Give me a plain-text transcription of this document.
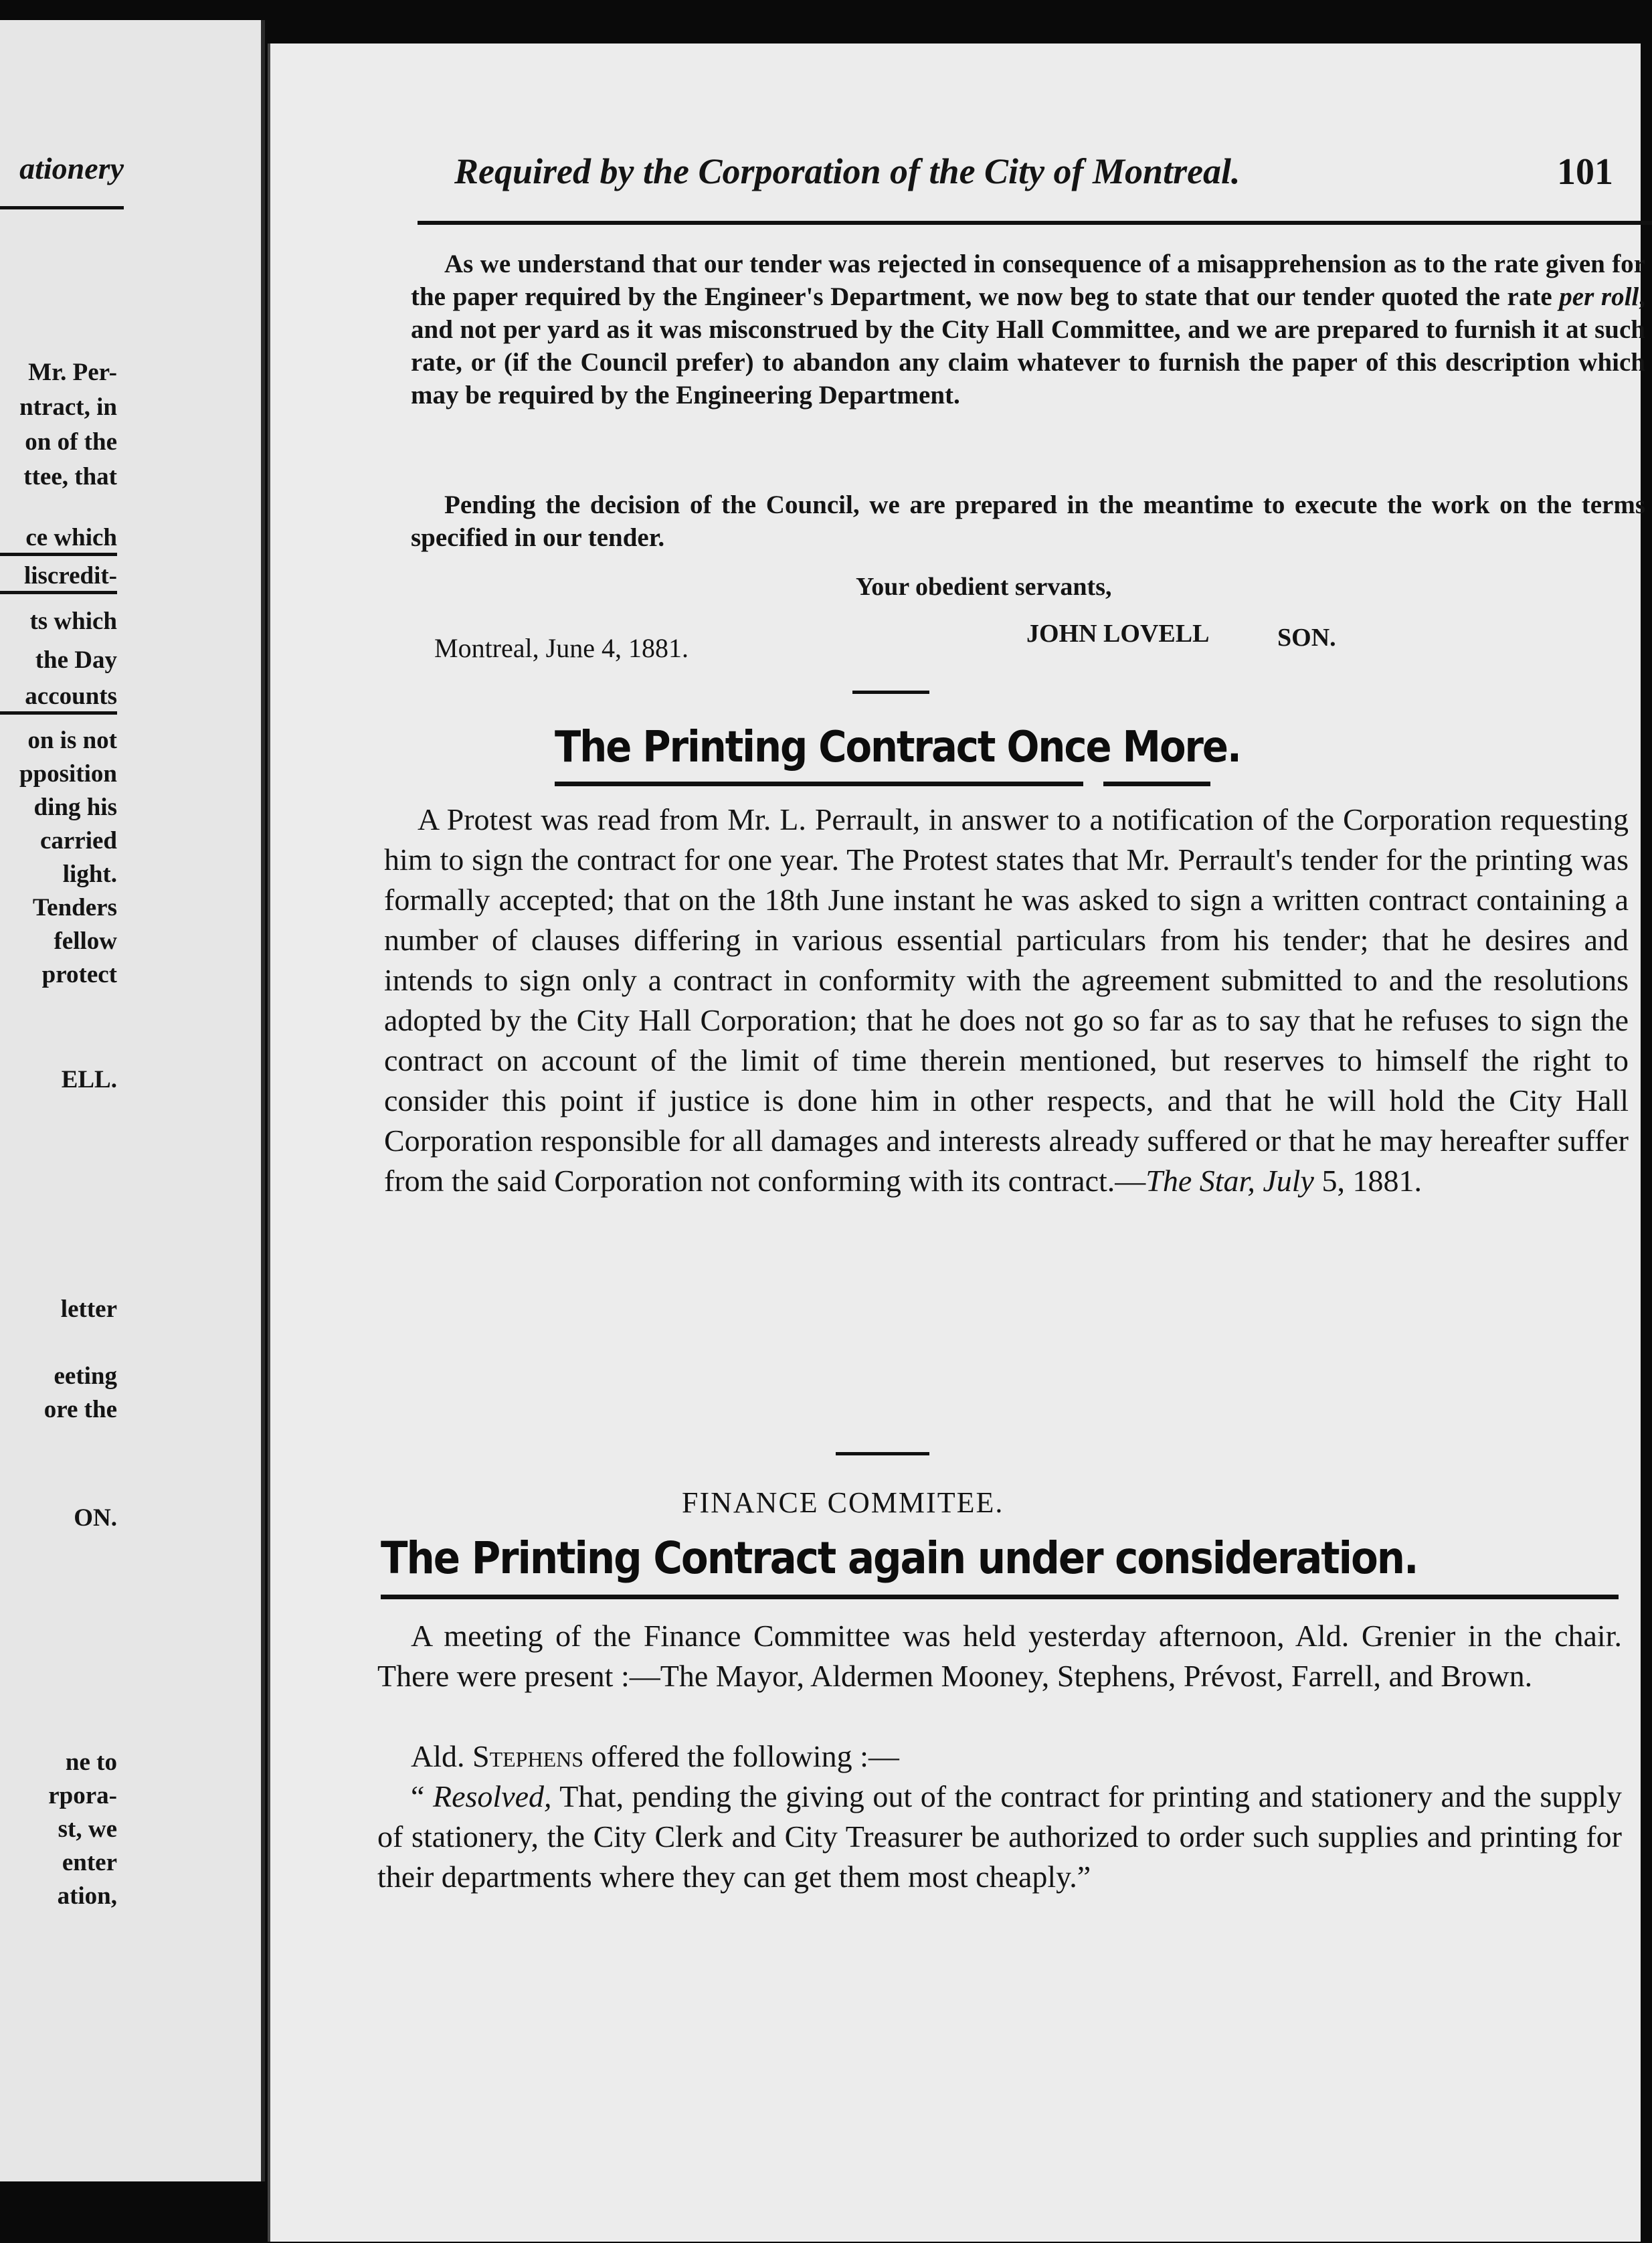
ationery
Mr. Per-
ntract, in
on of the
ttee, that
ce which
liscredit-
ts which
the Day
accounts
on is not
pposition
ding his
carried
light.
Tenders
fellow
protect
ELL.
letter
eeting
ore the
ON.
ne to
rpora-
st, we
enter
ation,
Required by the Corporation of the City of Montreal.	101
As we understand that our tender was rejected in consequence of a misapprehension as to the rate given for the paper required by the Engineer's Department, we now beg to state that our tender quoted the rate per roll, and not per yard as it was misconstrued by the City Hall Committee, and we are prepared to furnish it at such rate, or (if the Council prefer) to abandon any claim whatever to furnish the paper of this description which may be required by the Engineering Department.
Pending the decision of the Council, we are prepared in the meantime to execute the work on the terms specified in our tender.
Your obedient servants,
JOHN LOVELL	SON.
Montreal, June 4, 1881.
The Printing Contract Once More.
A Protest was read from Mr. L. Perrault, in answer to a notification of the Corporation requesting him to sign the contract for one year. The Protest states that Mr. Perrault's tender for the printing was formally accepted; that on the 18th June instant he was asked to sign a written contract containing a number of clauses differing in various essential particulars from his tender; that he desires and intends to sign only a contract in conformity with the agreement submitted to and the resolutions adopted by the City Hall Corporation; that he does not go so far as to say that he refuses to sign the contract on account of the limit of time therein mentioned, but reserves to himself the right to consider this point if justice is done him in other respects, and that he will hold the City Hall Corporation responsible for all damages and interests already suffered or that he may hereafter suffer from the said Corporation not conforming with its contract.—The Star, July 5, 1881.
FINANCE COMMITEE.
The Printing Contract again under consideration.
A meeting of the Finance Committee was held yesterday afternoon, Ald. Grenier in the chair. There were present :—The Mayor, Aldermen Mooney, Stephens, Prévost, Farrell, and Brown.
Ald. Stephens offered the following :—
“ Resolved, That, pending the giving out of the contract for printing and stationery and the supply of stationery, the City Clerk and City Treasurer be authorized to order such supplies and printing for their departments where they can get them most cheaply.”
